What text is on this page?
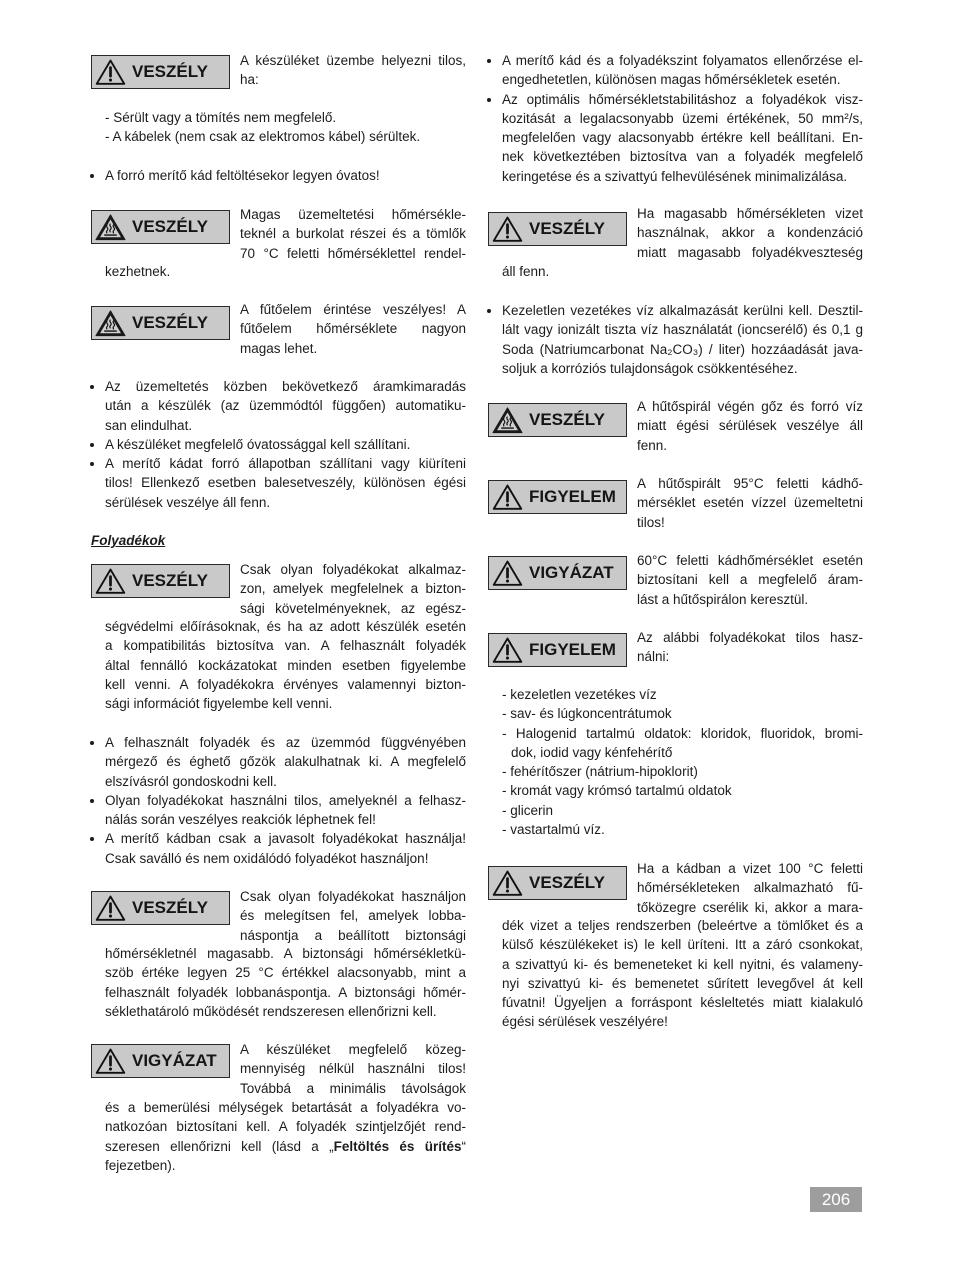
VESZÉLY
A készüléket üzembe helyezni tilos,
ha:
- Sérült vagy a tömítés nem megfelelő.
- A kábelek (nem csak az elektromos kábel) sérültek.
• A forró merítő kád feltöltésekor legyen óvatos!
VESZÉLY
Magas üzemeltetési hőmérsékle-
teknél a burkolat részei és a tömlők
70 °C feletti hőmérséklettel rendel-
kezhetnek.
VESZÉLY
A fűtőelem érintése veszélyes! A
fűtőelem hőmérséklete nagyon
magas lehet.
• Az üzemeltetés közben bekövetkező áramkimaradás
után a készülék (az üzemmódtól függően) automatiku-
san elindulhat.
• A készüléket megfelelő óvatossággal kell szállítani.
• A merítő kádat forró állapotban szállítani vagy kiüríteni
tilos! Ellenkező esetben balesetveszély, különösen égési
sérülések veszélye áll fenn.
Folyadékok
VESZÉLY
Csak olyan folyadékokat alkalmaz-
zon, amelyek megfelelnek a bizton-
sági követelményeknek, az egész-
ségvédelmi előírásoknak, és ha az adott készülék esetén
a kompatibilitás biztosítva van. A felhasznált folyadék
által fennálló kockázatokat minden esetben figyelembe
kell venni. A folyadékokra érvényes valamennyi bizton-
sági információt figyelembe kell venni.
• A felhasznált folyadék és az üzemmód függvényében
mérgező és éghető gőzök alakulhatnak ki. A megfelelő
elszívásról gondoskodni kell.
• Olyan folyadékokat használni tilos, amelyeknél a felhasz-
nálás során veszélyes reakciók léphetnek fel!
• A merítő kádban csak a javasolt folyadékokat használja!
Csak saválló és nem oxidálódó folyadékot használjon!
VESZÉLY
Csak olyan folyadékokat használjon
és melegítsen fel, amelyek lobba-
náspontja a beállított biztonsági
hőmérsékletnél magasabb. A biztonsági hőmérsékletkü-
szöb értéke legyen 25 °C értékkel alacsonyabb, mint a
felhasznált folyadék lobbanáspontja. A biztonsági hőmér-
séklethatároló működését rendszeresen ellenőrizni kell.
VIGYÁZAT
A készüléket megfelelő közeg-
mennyiség nélkül használni tilos!
Továbbá a minimális távolságok
és a bemerülési mélységek betartását a folyadékra vo-
natkozóan biztosítani kell. A folyadék szintjelzőjét rend-
szeresen ellenőrizni kell (lásd a „Feltöltés és ürítés“
fejezetben).
• A merítő kád és a folyadékszint folyamatos ellenőrzése el-
engedhetetlen, különösen magas hőmérsékletek esetén.
• Az optimális hőmérsékletstabilitáshoz a folyadékok visz-
kozitását a legalacsonyabb üzemi értékének, 50 mm²/s,
megfelelően vagy alacsonyabb értékre kell beállítani. En-
nek következtében biztosítva van a folyadék megfelelő
keringetése és a szivattyú felhevülésének minimalizálása.
VESZÉLY
Ha magasabb hőmérsékleten vizet
használnak, akkor a kondenzáció
miatt magasabb folyadékveszteség
áll fenn.
• Kezeletlen vezetékes víz alkalmazását kerülni kell. Desztil-
lált vagy ionizált tiszta víz használatát (ioncserélő) és 0,1 g
Soda (Natriumcarbonat Na₂CO₃) / liter) hozzáadását java-
soljuk a korróziós tulajdonságok csökkentéséhez.
VESZÉLY
A hűtőspirál végén gőz és forró víz
miatt égési sérülések veszélye áll
fenn.
FIGYELEM
A hűtőspirált 95°C feletti kádhő-
mérséklet esetén vízzel üzemeltetni
tilos!
VIGYÁZAT
60°C feletti kádhőmérséklet esetén
biztosítani kell a megfelelő áram-
lást a hűtőspirálon keresztül.
FIGYELEM
Az alábbi folyadékokat tilos hasz-
nálni:
- kezeletlen vezetékes víz
- sav- és lúgkoncentrátumok
- Halogenid tartalmú oldatok: kloridok, fluoridok, bromi-
dok, iodid vagy kénfehérítő
- fehérítőszer (nátrium-hipoklorit)
- kromát vagy krómsó tartalmú oldatok
- glicerin
- vastartalmú víz.
VESZÉLY
Ha a kádban a vizet 100 °C feletti
hőmérsékleteken alkalmazható fű-
tőközegre cserélik ki, akkor a mara-
dék vizet a teljes rendszerben (beleértve a tömlőket és a
külső készülékeket is) le kell üríteni. Itt a záró csonkokat,
a szivattyú ki- és bemeneteket ki kell nyitni, és valameny-
nyi szivattyú ki- és bemenetet sűrített levegővel át kell
fúvatni! Ügyeljen a forráspont késleltetés miatt kialakuló
égési sérülések veszélyére!
206
